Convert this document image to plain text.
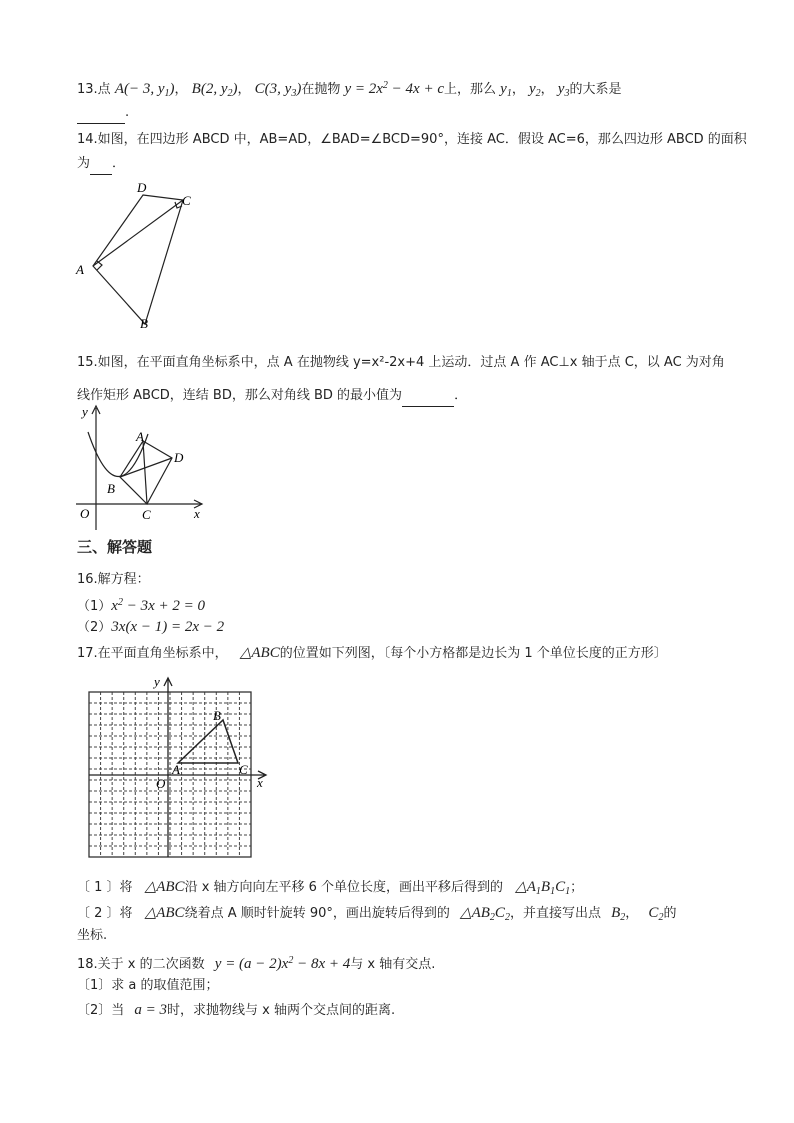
13.点 A(− 3, $y_1$)， B(2, $y_2$)， C(3, $y_3$)在抛物 $y = 2x^2 - 4x + c$上，那么 $y_1$， $y_2$， $y_3$的大系是
.
14.如图，在四边形 ABCD 中，AB=AD，∠BAD=∠BCD=90°，连接 AC．假设 AC=6，那么四边形 ABCD 的面积
为 ．
D
C
A
B
15.如图，在平面直角坐标系中，点 A 在抛物线 y=x²-2x+4 上运动．过点 A 作 AC⊥x 轴于点 C，以 AC 为对角
线作矩形 ABCD，连结 BD，那么对角线 BD 的最小值为	．
y
x
O
A
D
B
C
三、解答题
16.解方程：
$(1)x^2 - 3x + 2 = 0$
（2）3x(x − 1) = 2x − 2
17.在平面直角坐标系中， △ABC的位置如下列图，〔每个小方格都是边长为 1 个单位长度的正方形〕
y
x
O
A
B
C
〔 1 〕将 △ABC沿 x 轴方向向左平移 6 个单位长度，画出平移后得到的 $\triangle A_1B_1C_1$；
〔 2 〕将 △ABC绕着点 A 顺时针旋转 90°，画出旋转后得到的 $\triangle AB_2C_2$，并直接写出点 $B_2$， $C_2$的
坐标.
18.关于 x 的二次函数 $y = (a - 2)x^2 - 8x + 4$与 x 轴有交点.
〔1〕求 a 的取值范围；
〔2〕当 a = 3时，求抛物线与 x 轴两个交点间的距离.
